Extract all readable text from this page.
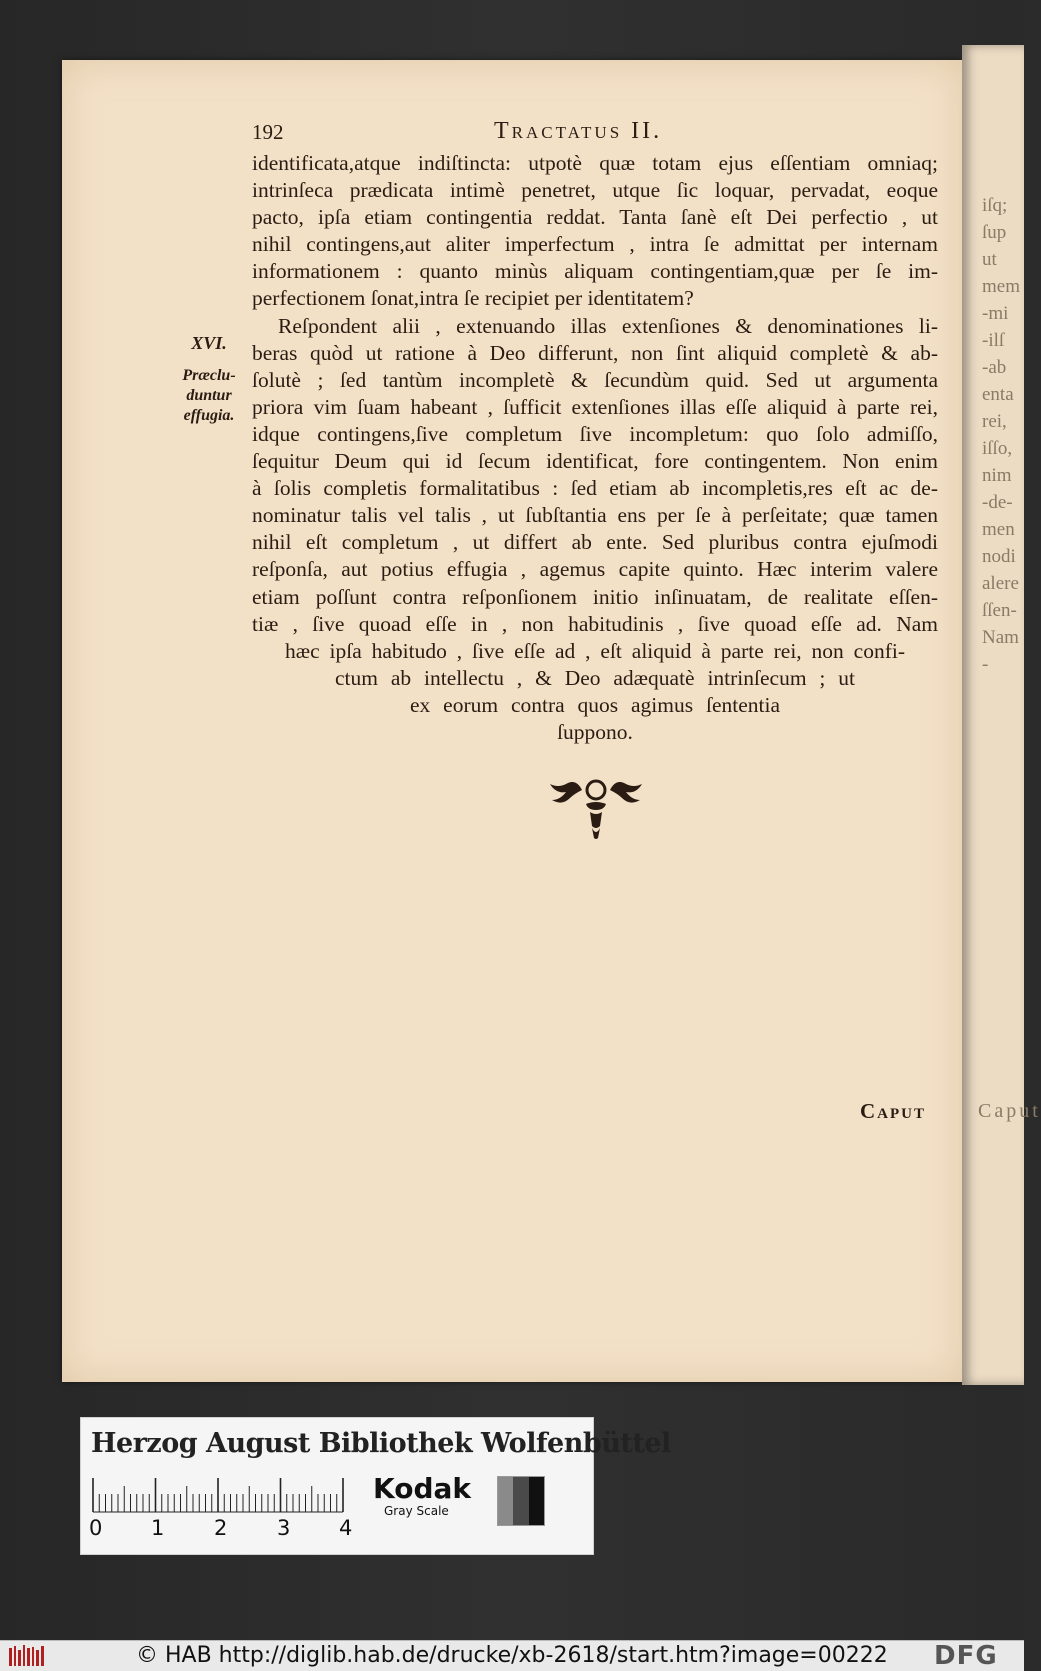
Caput
iſq;
ſup
ut
mem
-mi
-ilſ
-ab
enta
rei,
iſſo,
nim
-de-
men
nodi
alere
ſſen-
Nam
-
192	Tractatus II.
identificata,atque indiſtincta: utpotè quæ totam ejus eſſentiam omniaq;
intrinſeca prædicata intimè penetret, utque ſic loquar, pervadat, eoque
pacto, ipſa etiam contingentia reddat. Tanta ſanè eſt Dei perfectio , ut
nihil contingens,aut aliter imperfectum , intra ſe admittat per internam
informationem : quanto minùs aliquam contingentiam,quæ per ſe im-
perfectionem ſonat,intra ſe recipiet per identitatem?
Reſpondent alii , extenuando illas extenſiones & denominationes li-
beras quòd ut ratione à Deo differunt, non ſint aliquid completè & ab-
ſolutè ; ſed tantùm incompletè & ſecundùm quid. Sed ut argumenta
priora vim ſuam habeant , ſufficit extenſiones illas eſſe aliquid à parte rei,
idque contingens,ſive completum ſive incompletum: quo ſolo admiſſo,
ſequitur Deum qui id ſecum identificat, fore contingentem. Non enim
à ſolis completis formalitatibus : ſed etiam ab incompletis,res eſt ac de-
nominatur talis vel talis , ut ſubſtantia ens per ſe à perſeitate; quæ tamen
nihil eſt completum , ut differt ab ente. Sed pluribus contra ejuſmodi
reſponſa, aut potius effugia , agemus capite quinto. Hæc interim valere
etiam poſſunt contra reſponſionem initio inſinuatam, de realitate eſſen-
tiæ , ſive quoad eſſe in , non habitudinis , ſive quoad eſſe ad. Nam
hæc ipſa habitudo , ſive eſſe ad , eſt aliquid à parte rei, non confi-
ctum ab intellectu , & Deo adæquatè intrinſecum ; ut
ex eorum contra quos agimus ſententia
ſuppono.
XVI.
Præclu-
duntur
effugia.
Caput
Herzog August Bibliothek Wolfenbüttel
0 1 2 3 4
Kodak
Gray Scale
© HAB http://diglib.hab.de/drucke/xb-2618/start.htm?image=00222 DFG
